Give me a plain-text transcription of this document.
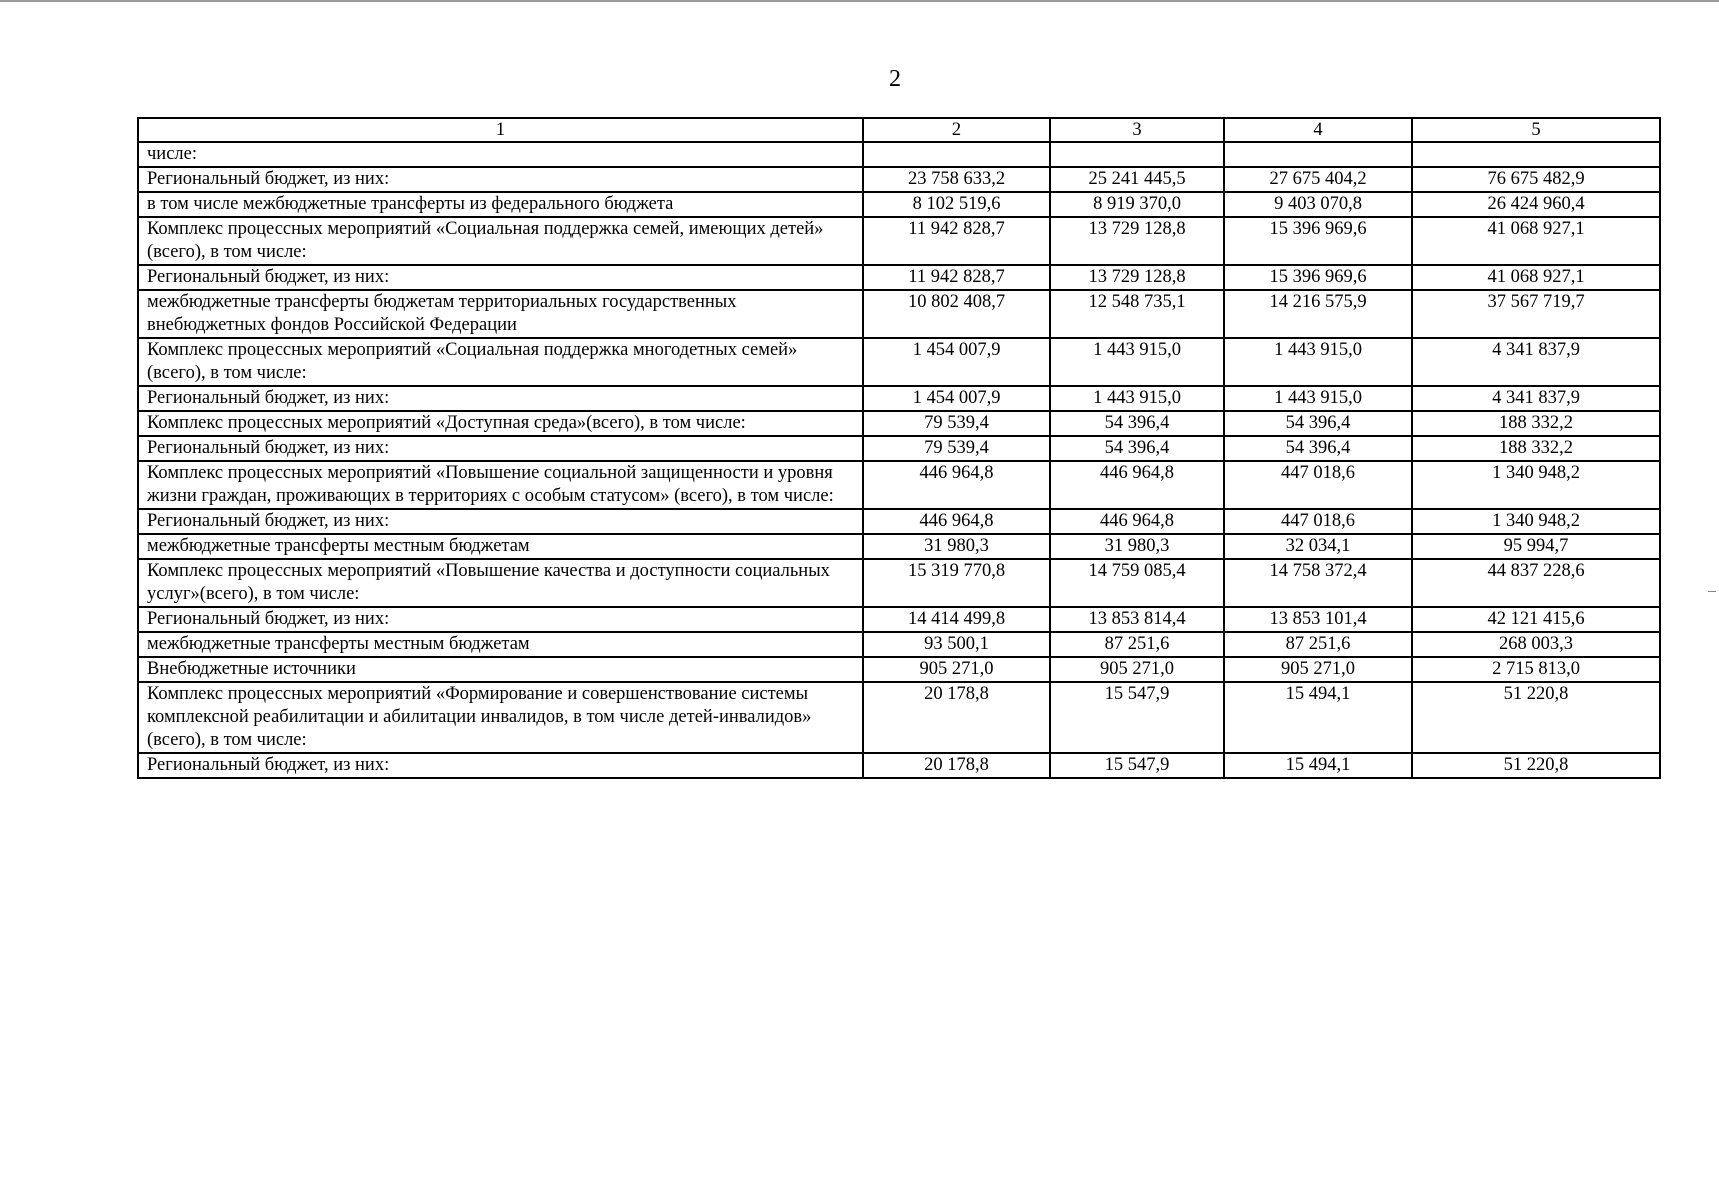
2
1	2	3	4	5
числе:				
Региональный бюджет, из них:	23 758 633,2	25 241 445,5	27 675 404,2	76 675 482,9
в том числе межбюджетные трансферты из федерального бюджета	8 102 519,6	8 919 370,0	9 403 070,8	26 424 960,4
Комплекс процессных мероприятий «Социальная поддержка семей, имеющих детей» (всего), в том числе:	11 942 828,7	13 729 128,8	15 396 969,6	41 068 927,1
Региональный бюджет, из них:	11 942 828,7	13 729 128,8	15 396 969,6	41 068 927,1
межбюджетные трансферты бюджетам территориальных государственных внебюджетных фондов Российской Федерации	10 802 408,7	12 548 735,1	14 216 575,9	37 567 719,7
Комплекс процессных мероприятий «Социальная поддержка многодетных семей» (всего), в том числе:	1 454 007,9	1 443 915,0	1 443 915,0	4 341 837,9
Региональный бюджет, из них:	1 454 007,9	1 443 915,0	1 443 915,0	4 341 837,9
Комплекс процессных мероприятий «Доступная среда»(всего), в том числе:	79 539,4	54 396,4	54 396,4	188 332,2
Региональный бюджет, из них:	79 539,4	54 396,4	54 396,4	188 332,2
Комплекс процессных мероприятий «Повышение социальной защищенности и уровня жизни граждан, проживающих в территориях с особым статусом» (всего), в том числе:	446 964,8	446 964,8	447 018,6	1 340 948,2
Региональный бюджет, из них:	446 964,8	446 964,8	447 018,6	1 340 948,2
межбюджетные трансферты местным бюджетам	31 980,3	31 980,3	32 034,1	95 994,7
Комплекс процессных мероприятий «Повышение качества и доступности социальных услуг»(всего), в том числе:	15 319 770,8	14 759 085,4	14 758 372,4	44 837 228,6
Региональный бюджет, из них:	14 414 499,8	13 853 814,4	13 853 101,4	42 121 415,6
межбюджетные трансферты местным бюджетам	93 500,1	87 251,6	87 251,6	268 003,3
Внебюджетные источники	905 271,0	905 271,0	905 271,0	2 715 813,0
Комплекс процессных мероприятий «Формирование и совершенствование системы комплексной реабилитации и абилитации инвалидов, в том числе детей-инвалидов» (всего), в том числе:	20 178,8	15 547,9	15 494,1	51 220,8
Региональный бюджет, из них:	20 178,8	15 547,9	15 494,1	51 220,8
